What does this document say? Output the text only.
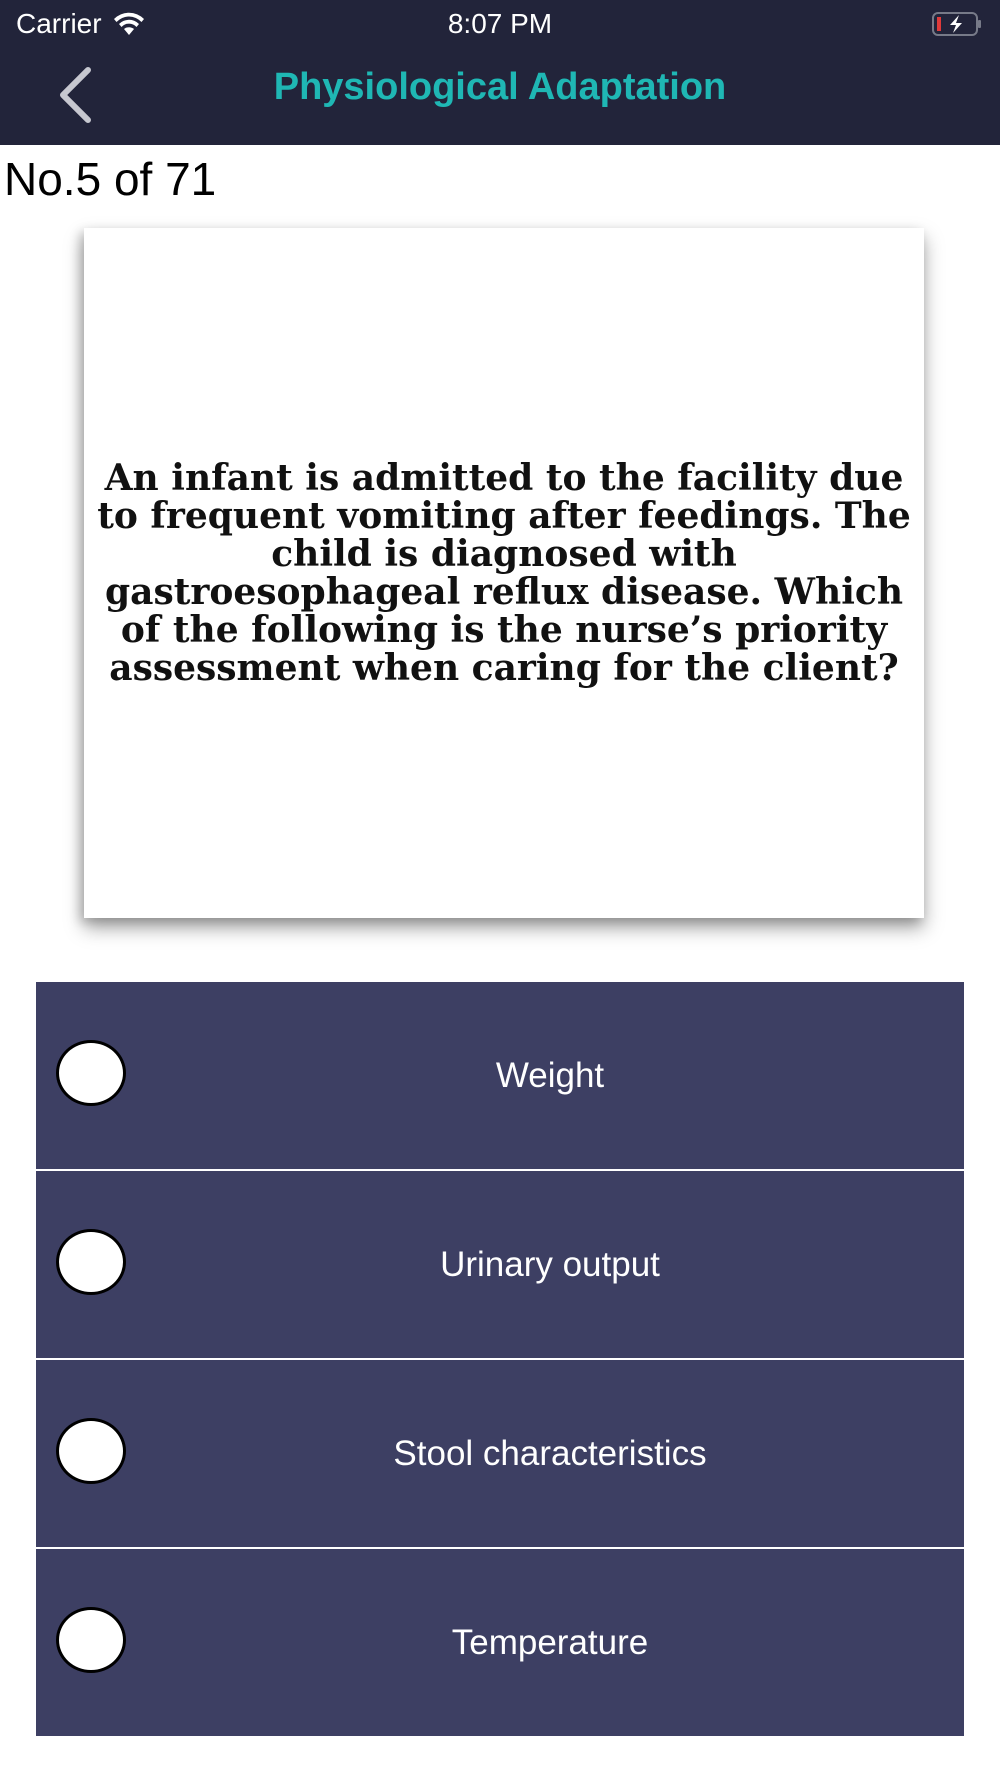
Carrier	8:07 PM
Physiological Adaptation
No.5 of 71
An infant is admitted to the facility due to frequent vomiting after feedings. The child is diagnosed with gastroesophageal reflux disease. Which of the following is the nurse’s priority assessment when caring for the client?
Weight
Urinary output
Stool characteristics
Temperature
